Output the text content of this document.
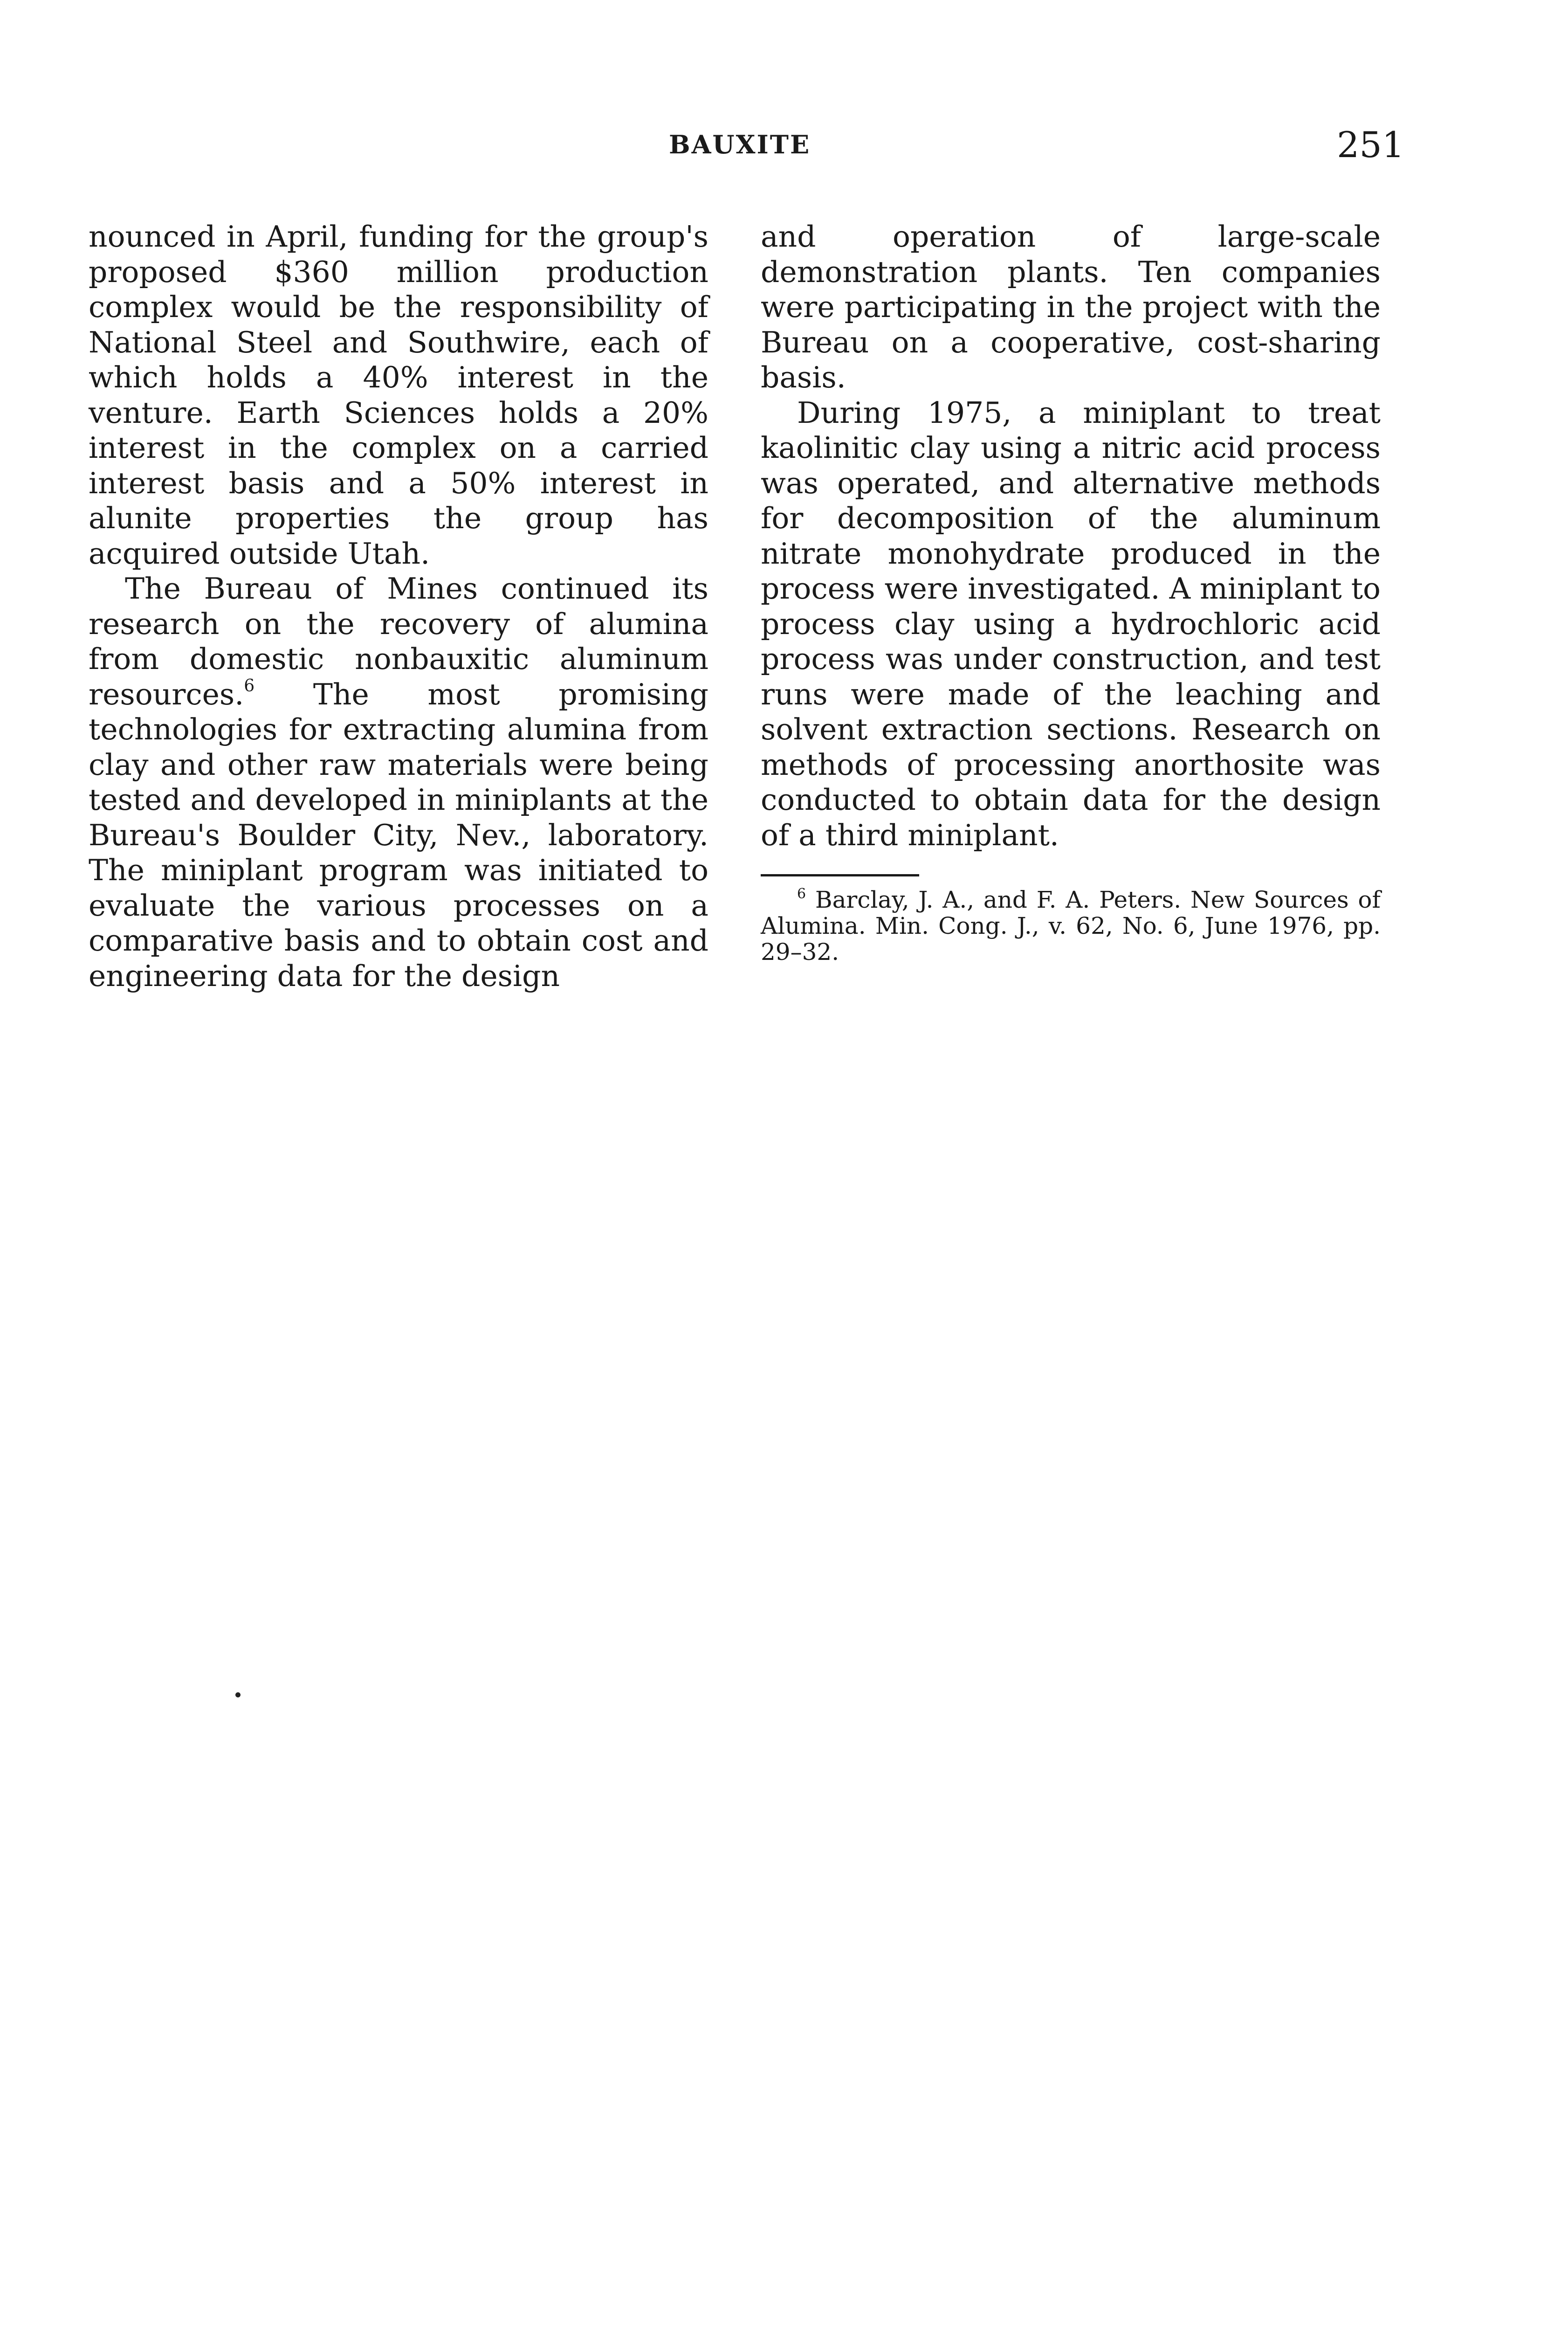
BAUXITE	251

nounced in April, funding for the group's proposed $360 million production complex would be the responsibility of National Steel and Southwire, each of which holds a 40% interest in the venture. Earth Sciences holds a 20% interest in the complex on a carried interest basis and a 50% interest in alunite properties the group has acquired outside Utah.

The Bureau of Mines continued its research on the recovery of alumina from domestic nonbauxitic aluminum resources.$^6$ The most promising technologies for extracting alumina from clay and other raw materials were being tested and developed in miniplants at the Bureau's Boulder City, Nev., laboratory. The miniplant program was initiated to evaluate the various processes on a comparative basis and to obtain cost and engineering data for the design

and operation of large-scale demonstration plants. Ten companies were participating in the project with the Bureau on a cooperative, cost-sharing basis.

During 1975, a miniplant to treat kaolinitic clay using a nitric acid process was operated, and alternative methods for decomposition of the aluminum nitrate monohydrate produced in the process were investigated. A miniplant to process clay using a hydrochloric acid process was under construction, and test runs were made of the leaching and solvent extraction sections. Research on methods of processing anorthosite was conducted to obtain data for the design of a third miniplant.

$^6$ Barclay, J. A., and F. A. Peters. New Sources of Alumina. Min. Cong. J., v. 62, No. 6, June 1976, pp. 29–32.
